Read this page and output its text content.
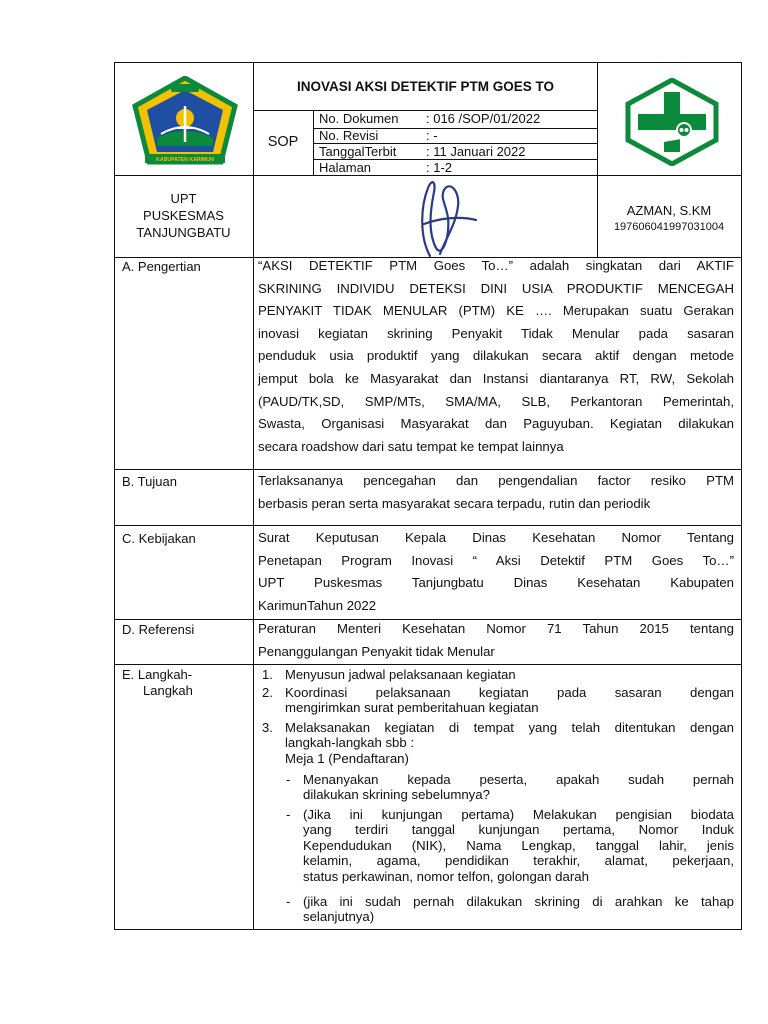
KABUPATEN KARIMUN
INOVASI AKSI DETEKTIF PTM GOES TO
SOP
No. Dokumen : 016 /SOP/01/2022
No. Revisi	: -
TanggalTerbit : 11 Januari 2022
Halaman	: 1-2
UPT
PUSKESMAS
TANJUNGBATU
AZMAN, S.KM
197606041997031004
A. Pengertian
B. Tujuan
C. Kebijakan
D. Referensi
E. Langkah-
Langkah
“AKSI DETEKTIF PTM Goes To…” adalah singkatan dari AKTIF
SKRINING INDIVIDU DETEKSI DINI USIA PRODUKTIF MENCEGAH
PENYAKIT TIDAK MENULAR (PTM) KE …. Merupakan suatu Gerakan
inovasi kegiatan skrining Penyakit Tidak Menular pada sasaran
penduduk usia produktif yang dilakukan secara aktif dengan metode
jemput bola ke Masyarakat dan Instansi diantaranya RT, RW, Sekolah
(PAUD/TK,SD, SMP/MTs, SMA/MA, SLB, Perkantoran Pemerintah,
Swasta, Organisasi Masyarakat dan Paguyuban. Kegiatan dilakukan
secara roadshow dari satu tempat ke tempat lainnya
Terlaksananya pencegahan dan pengendalian factor resiko PTM
berbasis peran serta masyarakat secara terpadu, rutin dan periodik
Surat Keputusan Kepala Dinas Kesehatan Nomor Tentang
Penetapan Program Inovasi “ Aksi Detektif PTM Goes To…”
UPT Puskesmas Tanjungbatu Dinas Kesehatan Kabupaten
KarimunTahun 2022
Peraturan Menteri Kesehatan Nomor 71 Tahun 2015 tentang
Penanggulangan Penyakit tidak Menular
1. Menyusun jadwal pelaksanaan kegiatan
2. Koordinasi pelaksanaan kegiatan pada sasaran dengan
mengirimkan surat pemberitahuan kegiatan
3. Melaksanakan kegiatan di tempat yang telah ditentukan dengan
langkah-langkah sbb :
Meja 1 (Pendaftaran)
- Menanyakan kepada peserta, apakah sudah pernah
dilakukan skrining sebelumnya?
- (Jika ini kunjungan pertama) Melakukan pengisian biodata
yang terdiri tanggal kunjungan pertama, Nomor Induk
Kependudukan (NIK), Nama Lengkap, tanggal lahir, jenis
kelamin, agama, pendidikan terakhir, alamat, pekerjaan,
status perkawinan, nomor telfon, golongan darah
- (jika ini sudah pernah dilakukan skrining di arahkan ke tahap
selanjutnya)
